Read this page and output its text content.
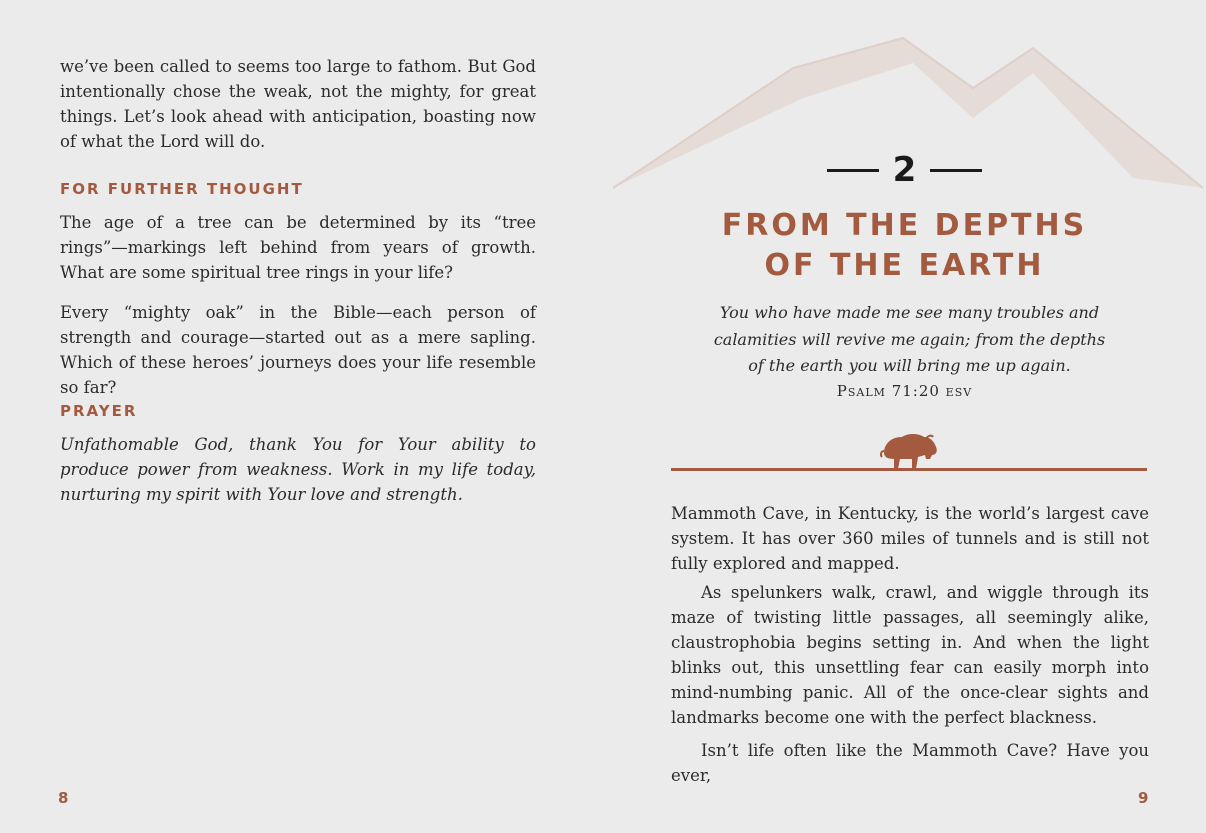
we’ve been called to seems too large to fathom. But God intentionally chose the weak, not the mighty, for great things. Let’s look ahead with anticipation, boasting now of what the Lord will do.

FOR FURTHER THOUGHT

The age of a tree can be determined by its “tree rings”—markings left behind from years of growth. What are some spiritual tree rings in your life?

Every “mighty oak” in the Bible—each person of strength and courage—started out as a mere sapling. Which of these heroes’ journeys does your life resemble so far?

PRAYER

Unfathomable God, thank You for Your ability to produce power from weakness. Work in my life today, nurturing my spirit with Your love and strength.

8
2
FROM THE DEPTHS
OF THE EARTH

You who have made me see many troubles and
calamities will revive me again; from the depths
of the earth you will bring me up again.

Psalm 71:20 esv

Mammoth Cave, in Kentucky, is the world’s largest cave system. It has over 360 miles of tunnels and is still not fully explored and mapped.

As spelunkers walk, crawl, and wiggle through its maze of twisting little passages, all seemingly alike, claustrophobia begins setting in. And when the light blinks out, this unsettling fear can easily morph into mind-numbing panic. All of the once-clear sights and landmarks become one with the perfect blackness.

Isn’t life often like the Mammoth Cave? Have you ever,

9
